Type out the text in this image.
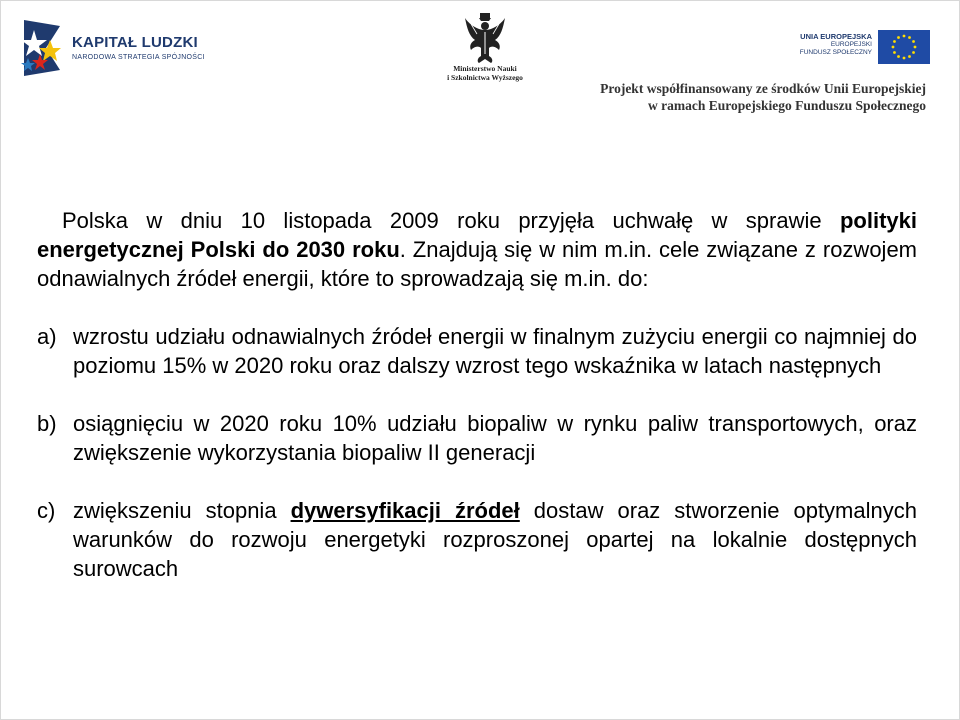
KAPITAŁ LUDZKI
NARODOWA STRATEGIA SPÓJNOŚCI
Ministerstwo Nauki
i Szkolnictwa Wyższego
UNIA EUROPEJSKA
EUROPEJSKI
FUNDUSZ SPOŁECZNY
Projekt współfinansowany ze środków Unii Europejskiej
w ramach Europejskiego Funduszu Społecznego

Polska w dniu 10 listopada 2009 roku przyjęła uchwałę w sprawie polityki energetycznej Polski do 2030 roku. Znajdują się w nim m.in. cele związane z rozwojem odnawialnych źródeł energii, które to sprowadzają się m.in. do:

a) wzrostu udziału odnawialnych źródeł energii w finalnym zużyciu energii co najmniej do poziomu 15% w 2020 roku oraz dalszy wzrost tego wskaźnika w latach następnych

b) osiągnięciu w 2020 roku 10% udziału biopaliw w rynku paliw transportowych, oraz zwiększenie wykorzystania biopaliw II generacji

c) zwiększeniu stopnia dywersyfikacji źródeł dostaw oraz stworzenie optymalnych warunków do rozwoju energetyki rozproszonej opartej na lokalnie dostępnych surowcach
